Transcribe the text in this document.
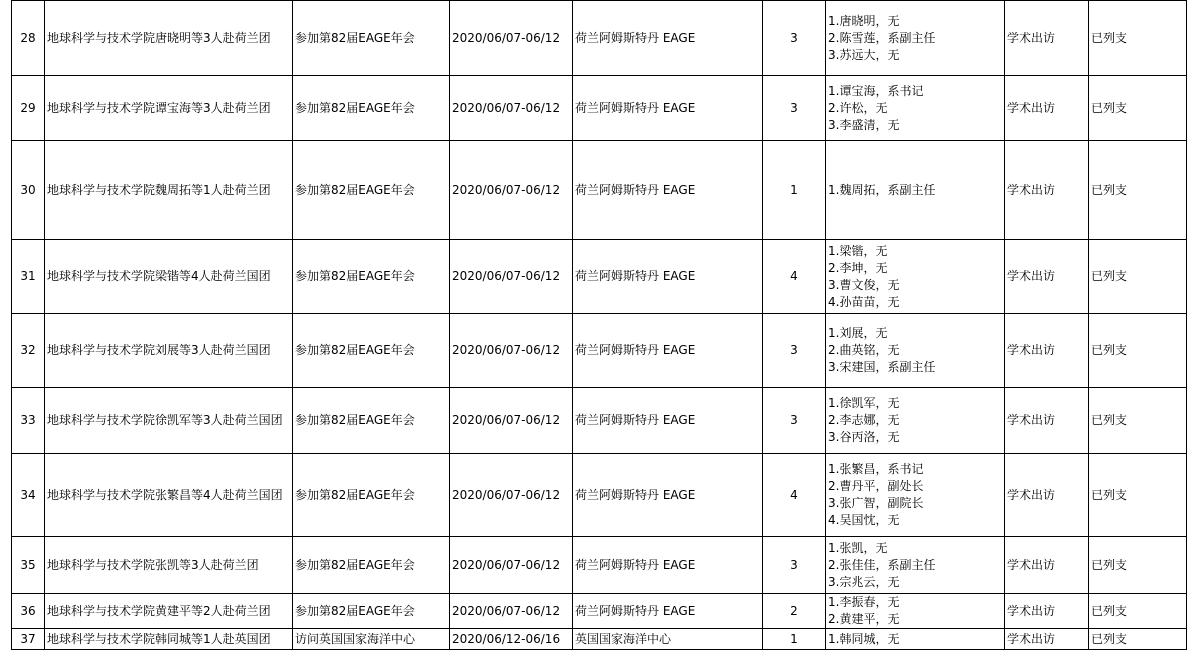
28	地球科学与技术学院唐晓明等3人赴荷兰团	参加第82届EAGE年会	2020/06/07-06/12	荷兰阿姆斯特丹 EAGE	3	1.唐晓明，无
2.陈雪莲，系副主任
3.苏远大，无	学术出访	已列支
29	地球科学与技术学院谭宝海等3人赴荷兰团	参加第82届EAGE年会	2020/06/07-06/12	荷兰阿姆斯特丹 EAGE	3	1.谭宝海，系书记
2.许松，无
3.李盛清，无	学术出访	已列支
30	地球科学与技术学院魏周拓等1人赴荷兰团	参加第82届EAGE年会	2020/06/07-06/12	荷兰阿姆斯特丹 EAGE	1	1.魏周拓，系副主任	学术出访	已列支
31	地球科学与技术学院梁锴等4人赴荷兰国团	参加第82届EAGE年会	2020/06/07-06/12	荷兰阿姆斯特丹 EAGE	4	1.梁锴，无
2.李坤，无
3.曹文俊，无
4.孙苗苗，无	学术出访	已列支
32	地球科学与技术学院刘展等3人赴荷兰国团	参加第82届EAGE年会	2020/06/07-06/12	荷兰阿姆斯特丹 EAGE	3	1.刘展，无
2.曲英铭，无
3.宋建国，系副主任	学术出访	已列支
33	地球科学与技术学院徐凯军等3人赴荷兰国团	参加第82届EAGE年会	2020/06/07-06/12	荷兰阿姆斯特丹 EAGE	3	1.徐凯军，无
2.李志娜，无
3.谷丙洛，无	学术出访	已列支
34	地球科学与技术学院张繁昌等4人赴荷兰国团	参加第82届EAGE年会	2020/06/07-06/12	荷兰阿姆斯特丹 EAGE	4	1.张繁昌，系书记
2.曹丹平，副处长
3.张广智，副院长
4.吴国忱，无	学术出访	已列支
35	地球科学与技术学院张凯等3人赴荷兰团	参加第82届EAGE年会	2020/06/07-06/12	荷兰阿姆斯特丹 EAGE	3	1.张凯，无
2.张佳佳，系副主任
3.宗兆云，无	学术出访	已列支
36	地球科学与技术学院黄建平等2人赴荷兰团	参加第82届EAGE年会	2020/06/07-06/12	荷兰阿姆斯特丹 EAGE	2	1.李振春，无
2.黄建平，无	学术出访	已列支
37	地球科学与技术学院韩同城等1人赴英国团	访问英国国家海洋中心	2020/06/12-06/16	英国国家海洋中心	1	1.韩同城，无	学术出访	已列支
